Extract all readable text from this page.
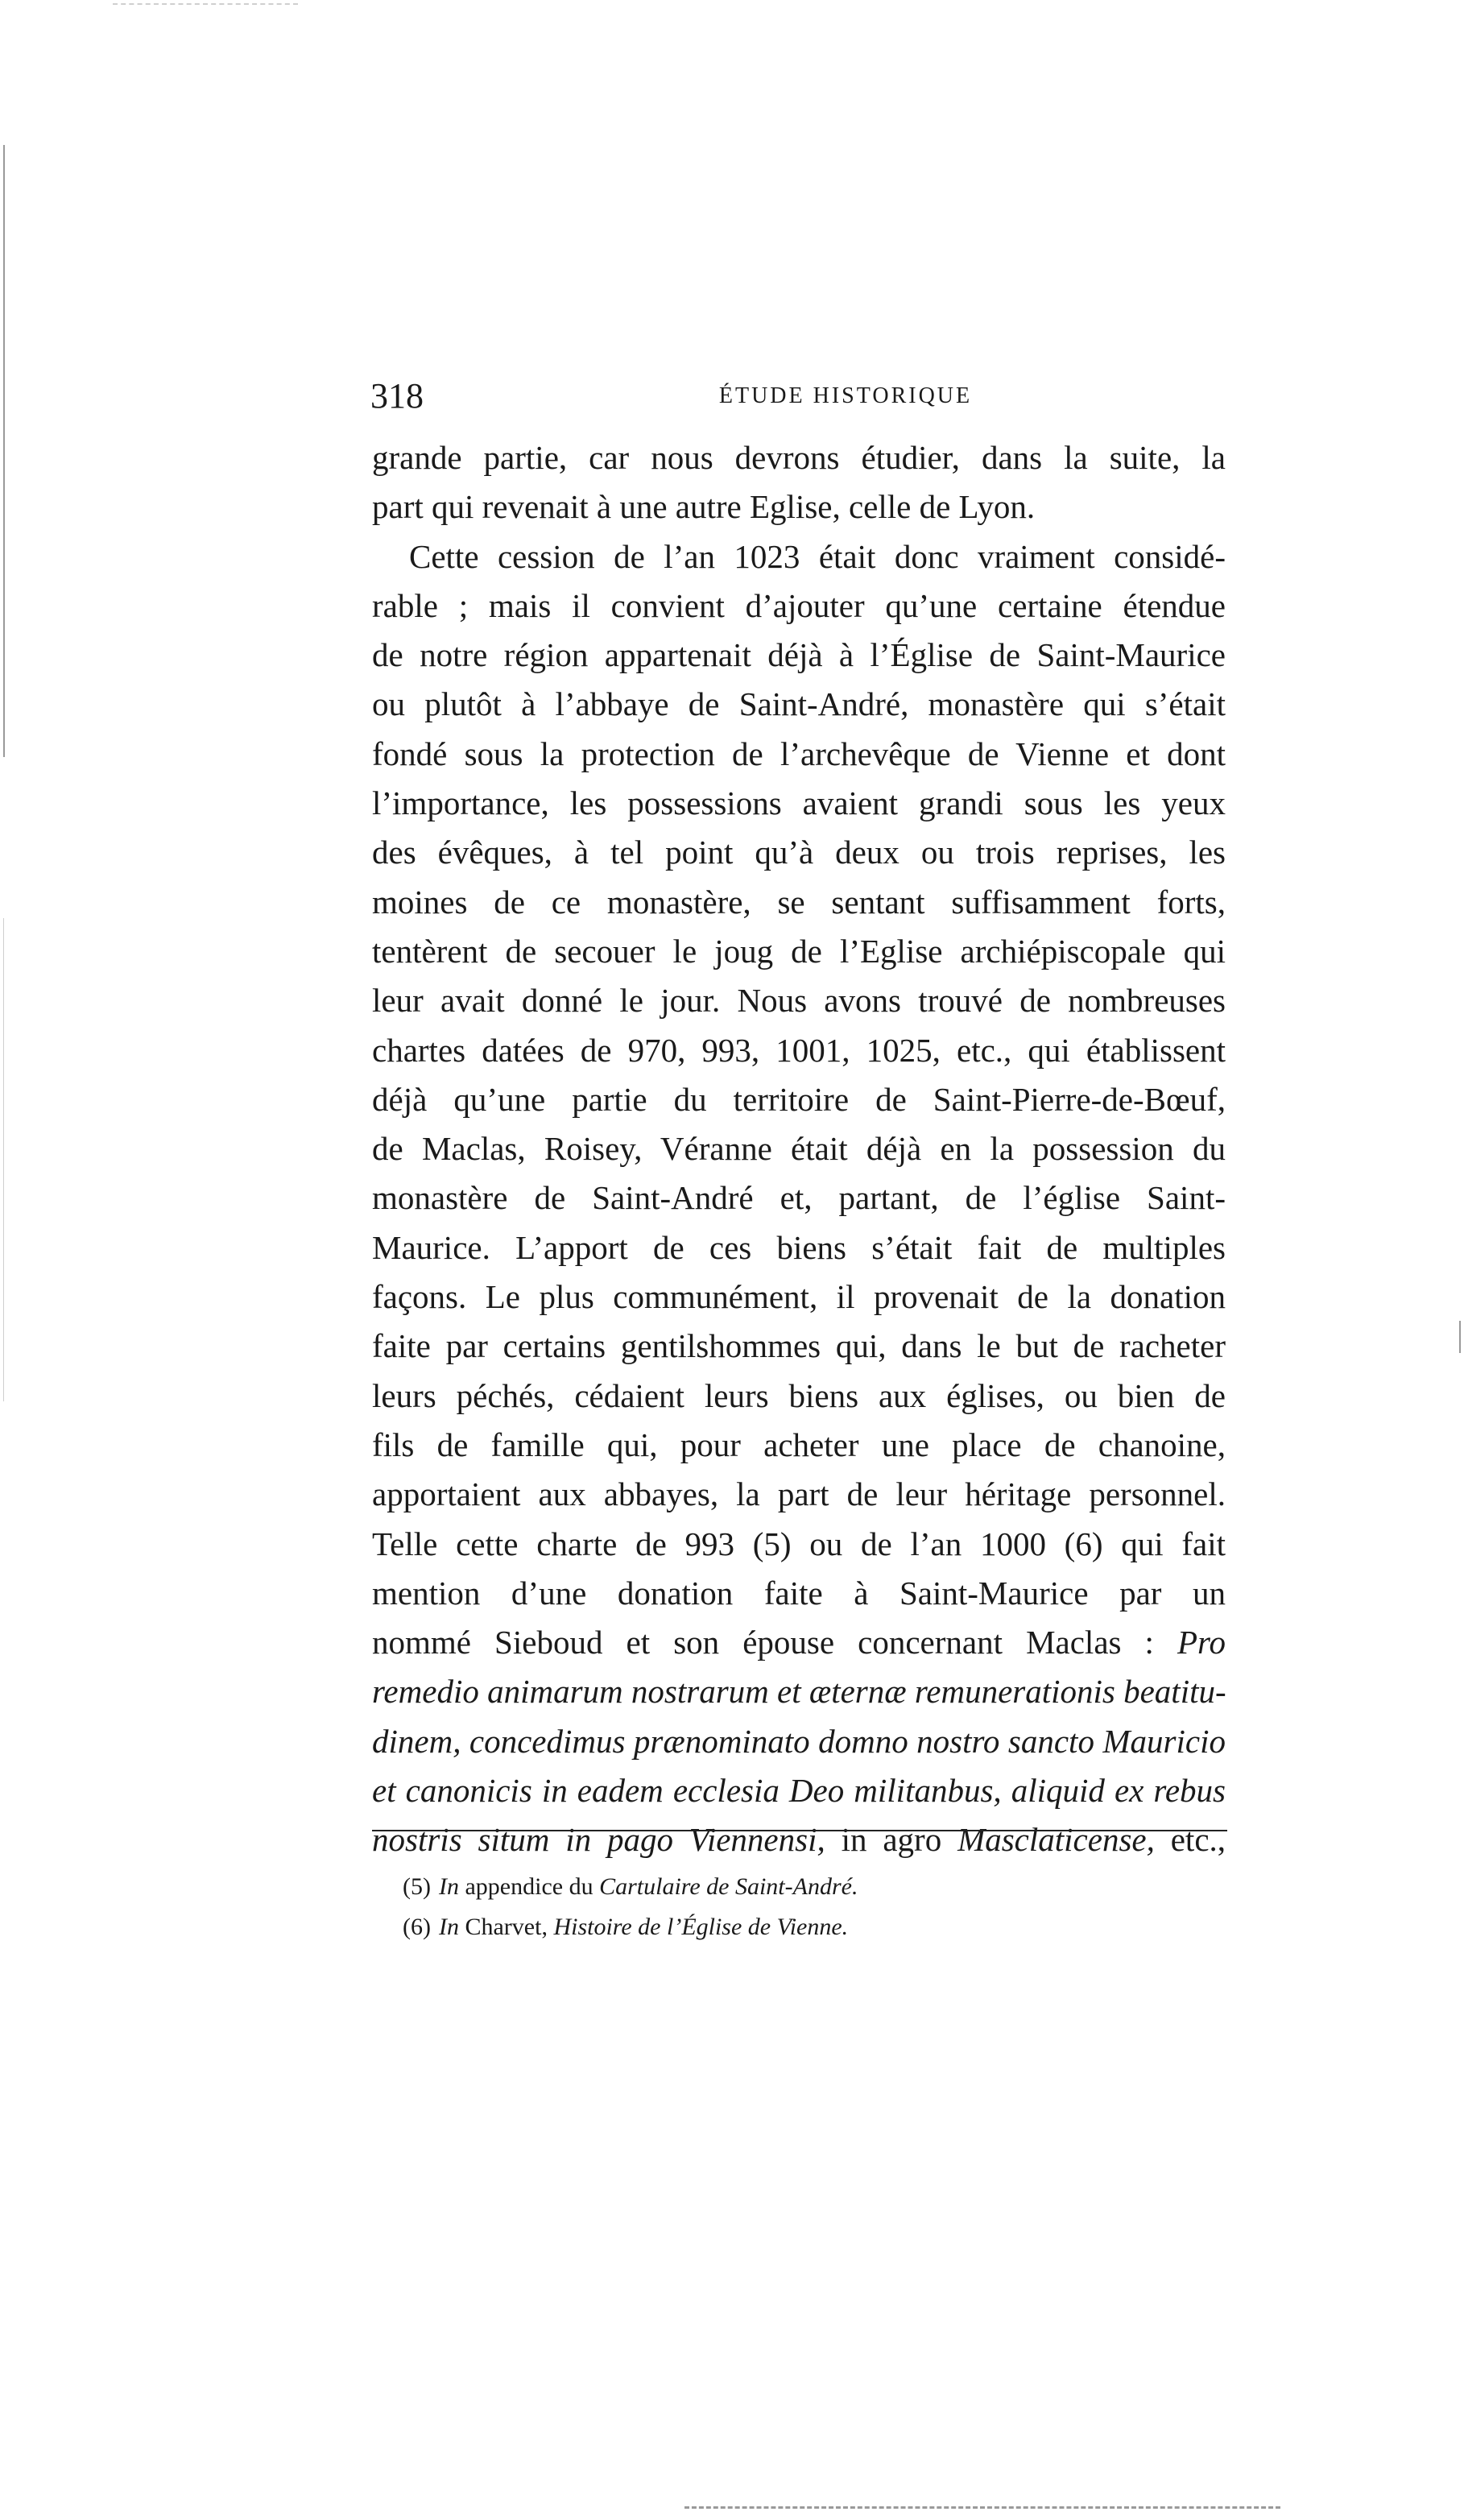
318	ÉTUDE HISTORIQUE
grande partie, car nous devrons étudier, dans la suite, la
part qui revenait à une autre Eglise, celle de Lyon.
Cette cession de l’an 1023 était donc vraiment considé-
rable ; mais il convient d’ajouter qu’une certaine étendue
de notre région appartenait déjà à l’Église de Saint-Maurice
ou plutôt à l’abbaye de Saint-André, monastère qui s’était
fondé sous la protection de l’archevêque de Vienne et dont
l’importance, les possessions avaient grandi sous les yeux
des évêques, à tel point qu’à deux ou trois reprises, les
moines de ce monastère, se sentant suffisamment forts,
tentèrent de secouer le joug de l’Eglise archiépiscopale qui
leur avait donné le jour. Nous avons trouvé de nombreuses
chartes datées de 970, 993, 1001, 1025, etc., qui établissent
déjà qu’une partie du territoire de Saint-Pierre-de-Bœuf,
de Maclas, Roisey, Véranne était déjà en la possession du
monastère de Saint-André et, partant, de l’église Saint-
Maurice. L’apport de ces biens s’était fait de multiples
façons. Le plus communément, il provenait de la donation
faite par certains gentilshommes qui, dans le but de racheter
leurs péchés, cédaient leurs biens aux églises, ou bien de
fils de famille qui, pour acheter une place de chanoine,
apportaient aux abbayes, la part de leur héritage personnel.
Telle cette charte de 993 (5) ou de l’an 1000 (6) qui fait
mention d’une donation faite à Saint-Maurice par un
nommé Sieboud et son épouse concernant Maclas : Pro
remedio animarum nostrarum et æternæ remunerationis beatitu-
dinem, concedimus prænominato domno nostro sancto Mauricio
et canonicis in eadem ecclesia Deo militanbus, aliquid ex rebus
nostris situm in pago Viennensi, in agro Masclaticense, etc.,
(5) In appendice du Cartulaire de Saint-André.
(6) In Charvet, Histoire de l’Église de Vienne.
